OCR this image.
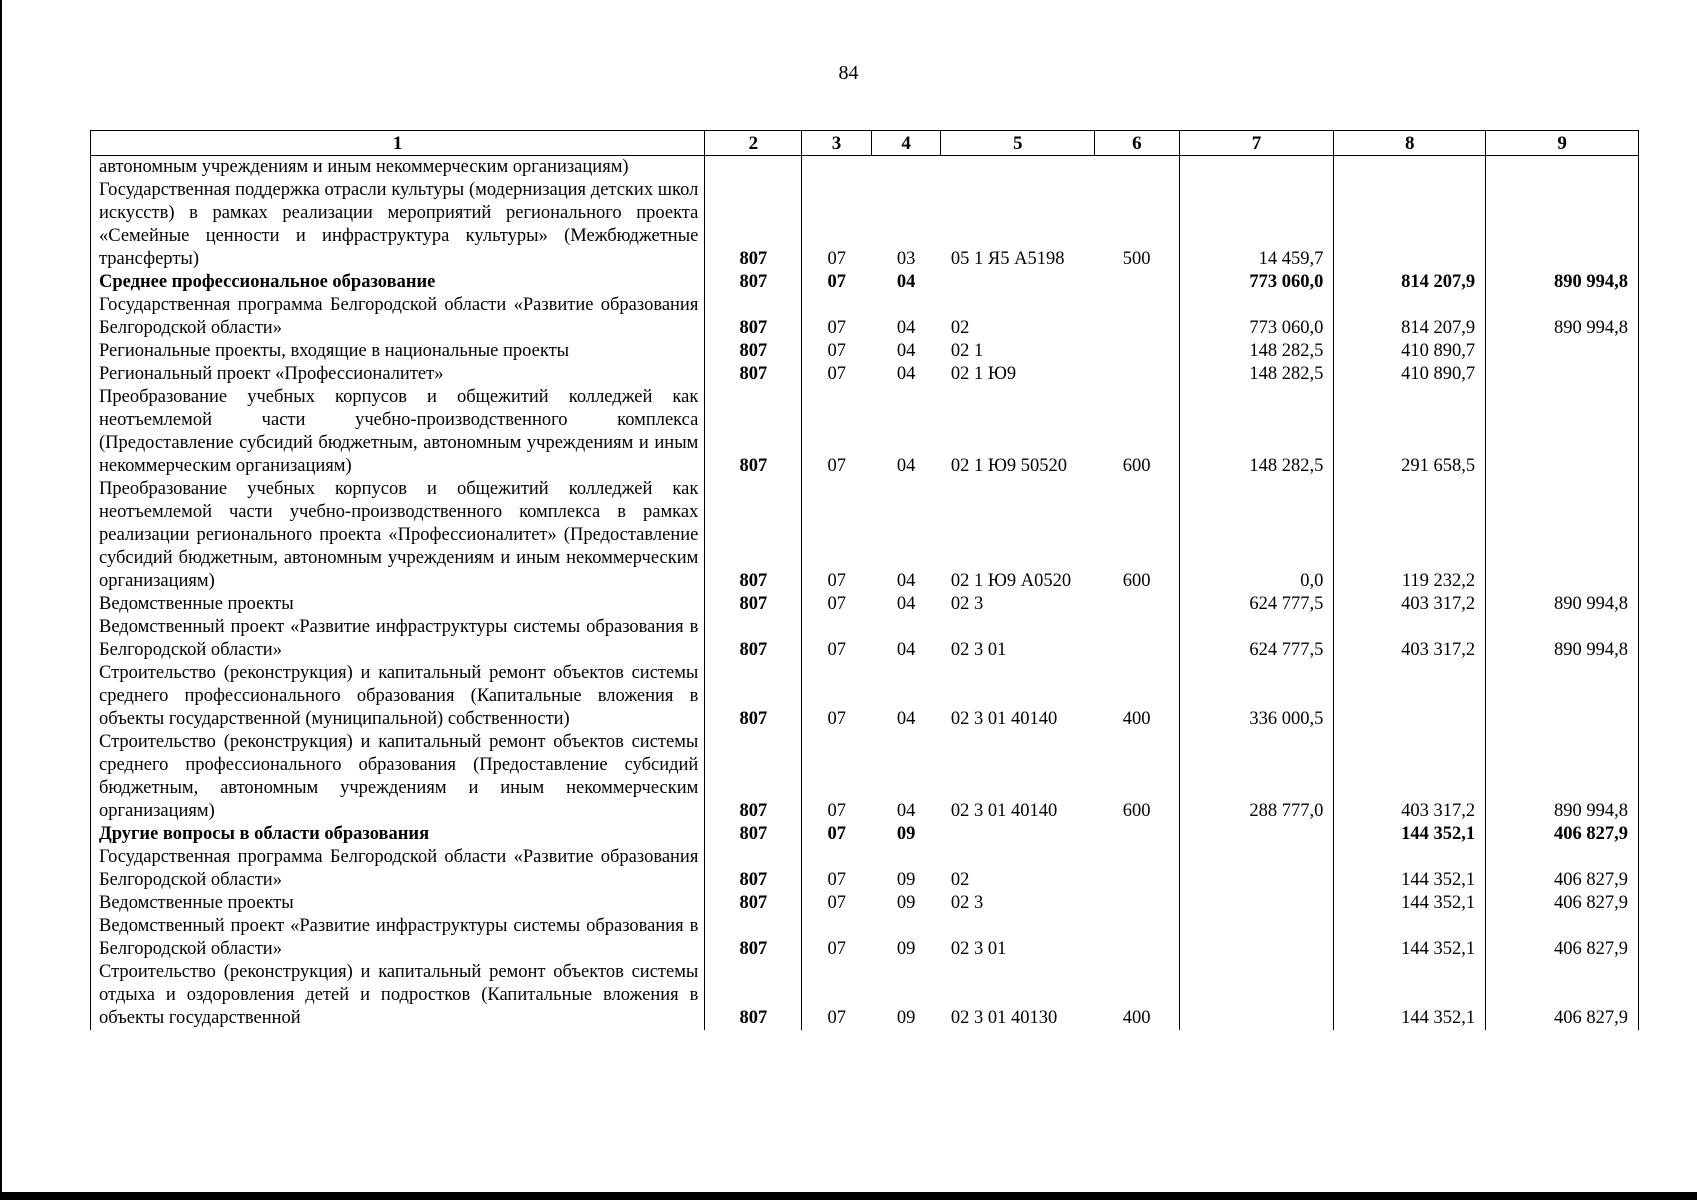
84
1	2	3	4	5	6	7	8	9
автономным учреждениям и иным некоммерческим организациям)								
Государственная поддержка отрасли культуры (модернизация детских школ искусств) в рамках реализации мероприятий регионального проекта «Семейные ценности и инфраструктура культуры» (Межбюджетные трансферты)	807	07	03	05 1 Я5 А5198	500	14 459,7		
Среднее профессиональное образование	807	07	04			773 060,0	814 207,9	890 994,8
Государственная программа Белгородской области «Развитие образования Белгородской области»	807	07	04	02		773 060,0	814 207,9	890 994,8
Региональные проекты, входящие в национальные проекты	807	07	04	02 1		148 282,5	410 890,7	
Региональный проект «Профессионалитет»	807	07	04	02 1 Ю9		148 282,5	410 890,7	
Преобразование учебных корпусов и общежитий колледжей как неотъемлемой части учебно-производственного комплекса (Предоставление субсидий бюджетным, автономным учреждениям и иным некоммерческим организациям)	807	07	04	02 1 Ю9 50520	600	148 282,5	291 658,5	
Преобразование учебных корпусов и общежитий колледжей как неотъемлемой части учебно-производственного комплекса в рамках реализации регионального проекта «Профессионалитет» (Предоставление субсидий бюджетным, автономным учреждениям и иным некоммерческим организациям)	807	07	04	02 1 Ю9 А0520	600	0,0	119 232,2	
Ведомственные проекты	807	07	04	02 3		624 777,5	403 317,2	890 994,8
Ведомственный проект «Развитие инфраструктуры системы образования в Белгородской области»	807	07	04	02 3 01		624 777,5	403 317,2	890 994,8
Строительство (реконструкция) и капитальный ремонт объектов системы среднего профессионального образования (Капитальные вложения в объекты государственной (муниципальной) собственности)	807	07	04	02 3 01 40140	400	336 000,5		
Строительство (реконструкция) и капитальный ремонт объектов системы среднего профессионального образования (Предоставление субсидий бюджетным, автономным учреждениям и иным некоммерческим организациям)	807	07	04	02 3 01 40140	600	288 777,0	403 317,2	890 994,8
Другие вопросы в области образования	807	07	09				144 352,1	406 827,9
Государственная программа Белгородской области «Развитие образования Белгородской области»	807	07	09	02			144 352,1	406 827,9
Ведомственные проекты	807	07	09	02 3			144 352,1	406 827,9
Ведомственный проект «Развитие инфраструктуры системы образования в Белгородской области»	807	07	09	02 3 01			144 352,1	406 827,9
Строительство (реконструкция) и капитальный ремонт объектов системы отдыха и оздоровления детей и подростков (Капитальные вложения в объекты государственной	807	07	09	02 3 01 40130	400		144 352,1	406 827,9
